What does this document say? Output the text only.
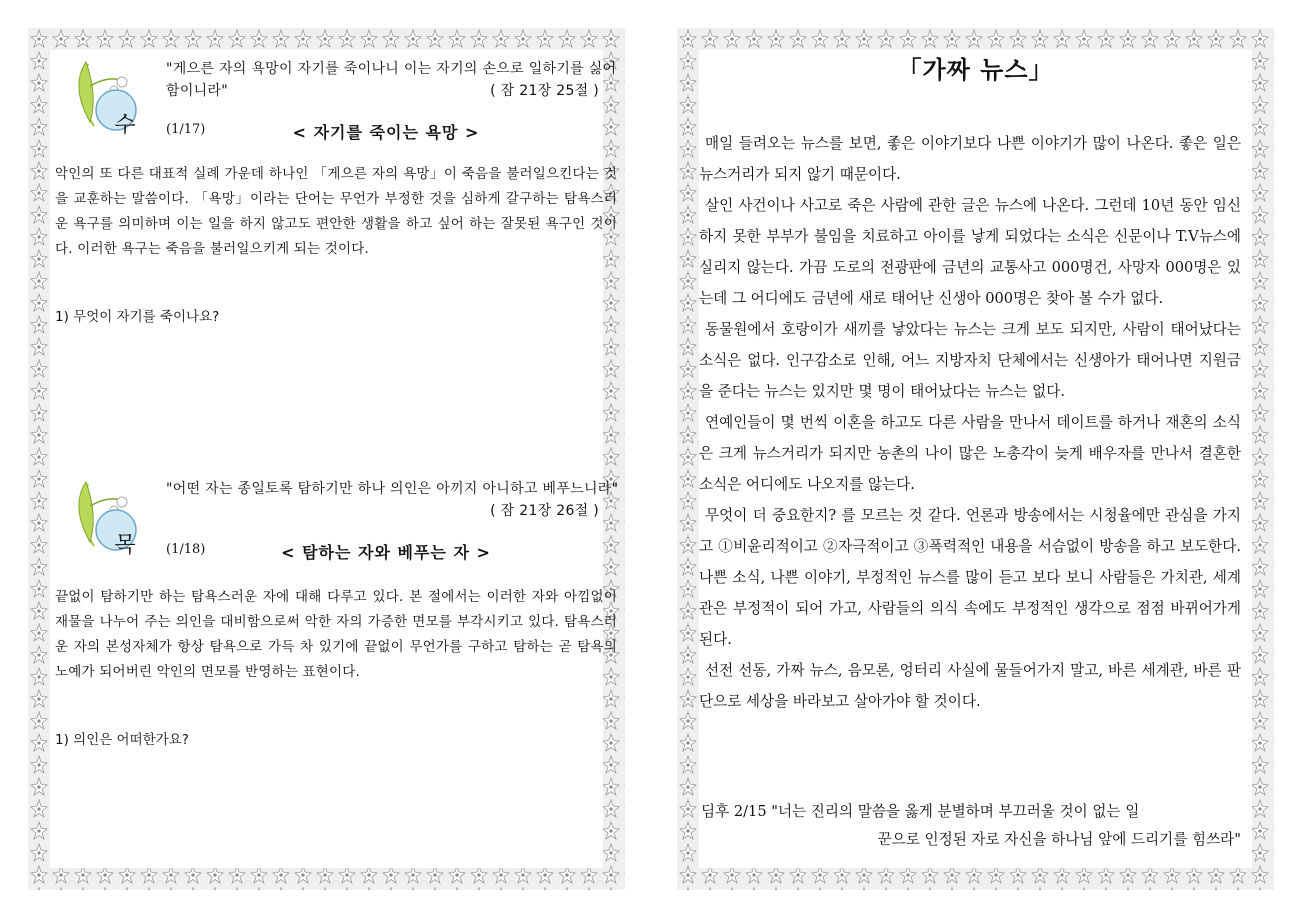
수
"게으른 자의 욕망이 자기를 죽이나니 이는 자기의 손으로 일하기를 싫어함이니라"	( 잠 21장 25절 )
(1/17)	< 자기를 죽이는 욕망 >
악인의 또 다른 대표적 실례 가운데 하나인 「게으른 자의 욕망」이 죽음을 불러일으킨다는 것을 교훈하는 말씀이다. 「욕망」이라는 단어는 무언가 부정한 것을 심하게 갈구하는 탐욕스러운 욕구를 의미하며 이는 일을 하지 않고도 편안한 생활을 하고 싶어 하는 잘못된 욕구인 것이다. 이러한 욕구는 죽음을 불러일으키게 되는 것이다.
1) 무엇이 자기를 죽이나요?
목
"어떤 자는 종일토록 탐하기만 하나 의인은 아끼지 아니하고 베푸느니라"
( 잠 21장 26절 )
(1/18)	< 탐하는 자와 베푸는 자 >
끝없이 탐하기만 하는 탐욕스러운 자에 대해 다루고 있다. 본 절에서는 이러한 자와 아낌없이 재물을 나누어 주는 의인을 대비함으로써 악한 자의 가증한 면모를 부각시키고 있다. 탐욕스러운 자의 본성자체가 항상 탐욕으로 가득 차 있기에 끝없이 무언가를 구하고 탐하는 곧 탐욕의 노예가 되어버린 악인의 면모를 반영하는 표현이다.
1) 의인은 어떠한가요?
「가짜 뉴스」

매일 들려오는 뉴스를 보면, 좋은 이야기보다 나쁜 이야기가 많이 나온다. 좋은 일은 뉴스거리가 되지 않기 때문이다.

살인 사건이나 사고로 죽은 사람에 관한 글은 뉴스에 나온다. 그런데 10년 동안 임신하지 못한 부부가 불임을 치료하고 아이를 낳게 되었다는 소식은 신문이나 T.V뉴스에 실리지 않는다. 가끔 도로의 전광판에 금년의 교통사고 000명건, 사망자 000명은 있는데 그 어디에도 금년에 새로 태어난 신생아 000명은 찾아 볼 수가 없다.

동물원에서 호랑이가 새끼를 낳았다는 뉴스는 크게 보도 되지만, 사람이 태어났다는 소식은 없다. 인구감소로 인해, 어느 지방자치 단체에서는 신생아가 태어나면 지원금을 준다는 뉴스는 있지만 몇 명이 태어났다는 뉴스는 없다.

연예인들이 몇 번씩 이혼을 하고도 다른 사람을 만나서 데이트를 하거나 재혼의 소식은 크게 뉴스거리가 되지만 농촌의 나이 많은 노총각이 늦게 배우자를 만나서 결혼한 소식은 어디에도 나오지를 않는다.

무엇이 더 중요한지? 를 모르는 것 같다. 언론과 방송에서는 시청율에만 관심을 가지고 ①비윤리적이고 ②자극적이고 ③폭력적인 내용을 서슴없이 방송을 하고 보도한다. 나쁜 소식, 나쁜 이야기, 부정적인 뉴스를 많이 듣고 보다 보니 사람들은 가치관, 세계관은 부정적이 되어 가고, 사람들의 의식 속에도 부정적인 생각으로 점점 바뀌어가게 된다.

선전 선동, 가짜 뉴스, 음모론, 엉터리 사실에 물들어가지 말고, 바른 세계관, 바른 판단으로 세상을 바라보고 살아가야 할 것이다.

딤후 2/15 "너는 진리의 말씀을 옳게 분별하며 부끄러울 것이 없는 일
꾼으로 인정된 자로 자신을 하나님 앞에 드리기를 힘쓰라"
